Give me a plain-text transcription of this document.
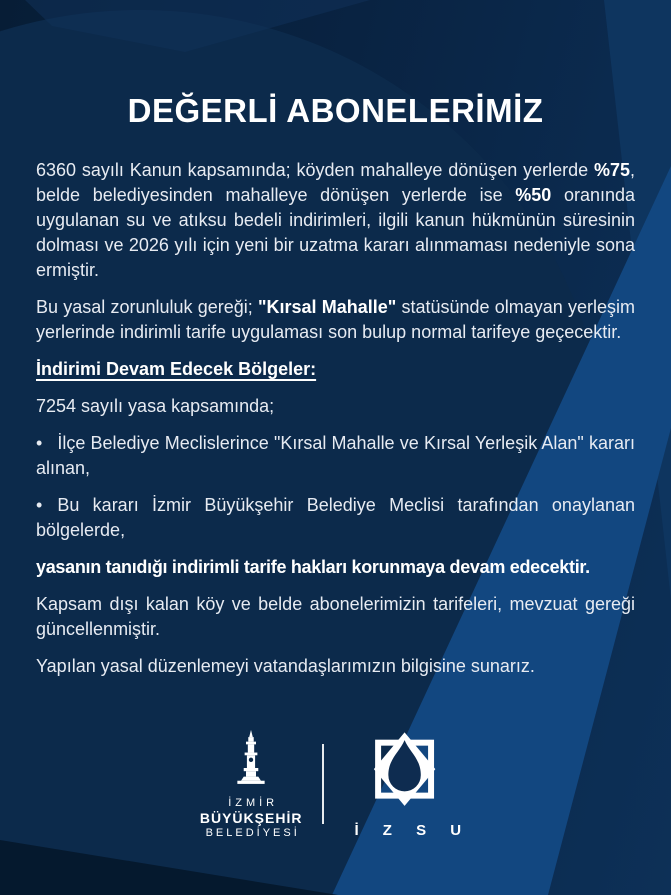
DEĞERLİ ABONELERİMİZ

6360 sayılı Kanun kapsamında; köyden mahalleye dönüşen yerlerde %75, belde belediyesinden mahalleye dönüşen yerlerde ise %50 oranında uygulanan su ve atıksu bedeli indirimleri, ilgili kanun hükmünün süresinin dolması ve 2026 yılı için yeni bir uzatma kararı alınmaması nedeniyle sona ermiştir.

Bu yasal zorunluluk gereği; "Kırsal Mahalle" statüsünde olmayan yerleşim yerlerinde indirimli tarife uygulaması son bulup normal tarifeye geçecektir.

İndirimi Devam Edecek Bölgeler:

7254 sayılı yasa kapsamında;

• İlçe Belediye Meclislerince "Kırsal Mahalle ve Kırsal Yerleşik Alan" kararı alınan,

• Bu kararı İzmir Büyükşehir Belediye Meclisi tarafından onaylanan bölgelerde,

yasanın tanıdığı indirimli tarife hakları korunmaya devam edecektir.

Kapsam dışı kalan köy ve belde abonelerimizin tarifeleri, mevzuat gereği güncellenmiştir.

Yapılan yasal düzenlemeyi vatandaşlarımızın bilgisine sunarız.

İZMİR
BÜYÜKŞEHİR
BELEDİYESİ	İ Z S U
